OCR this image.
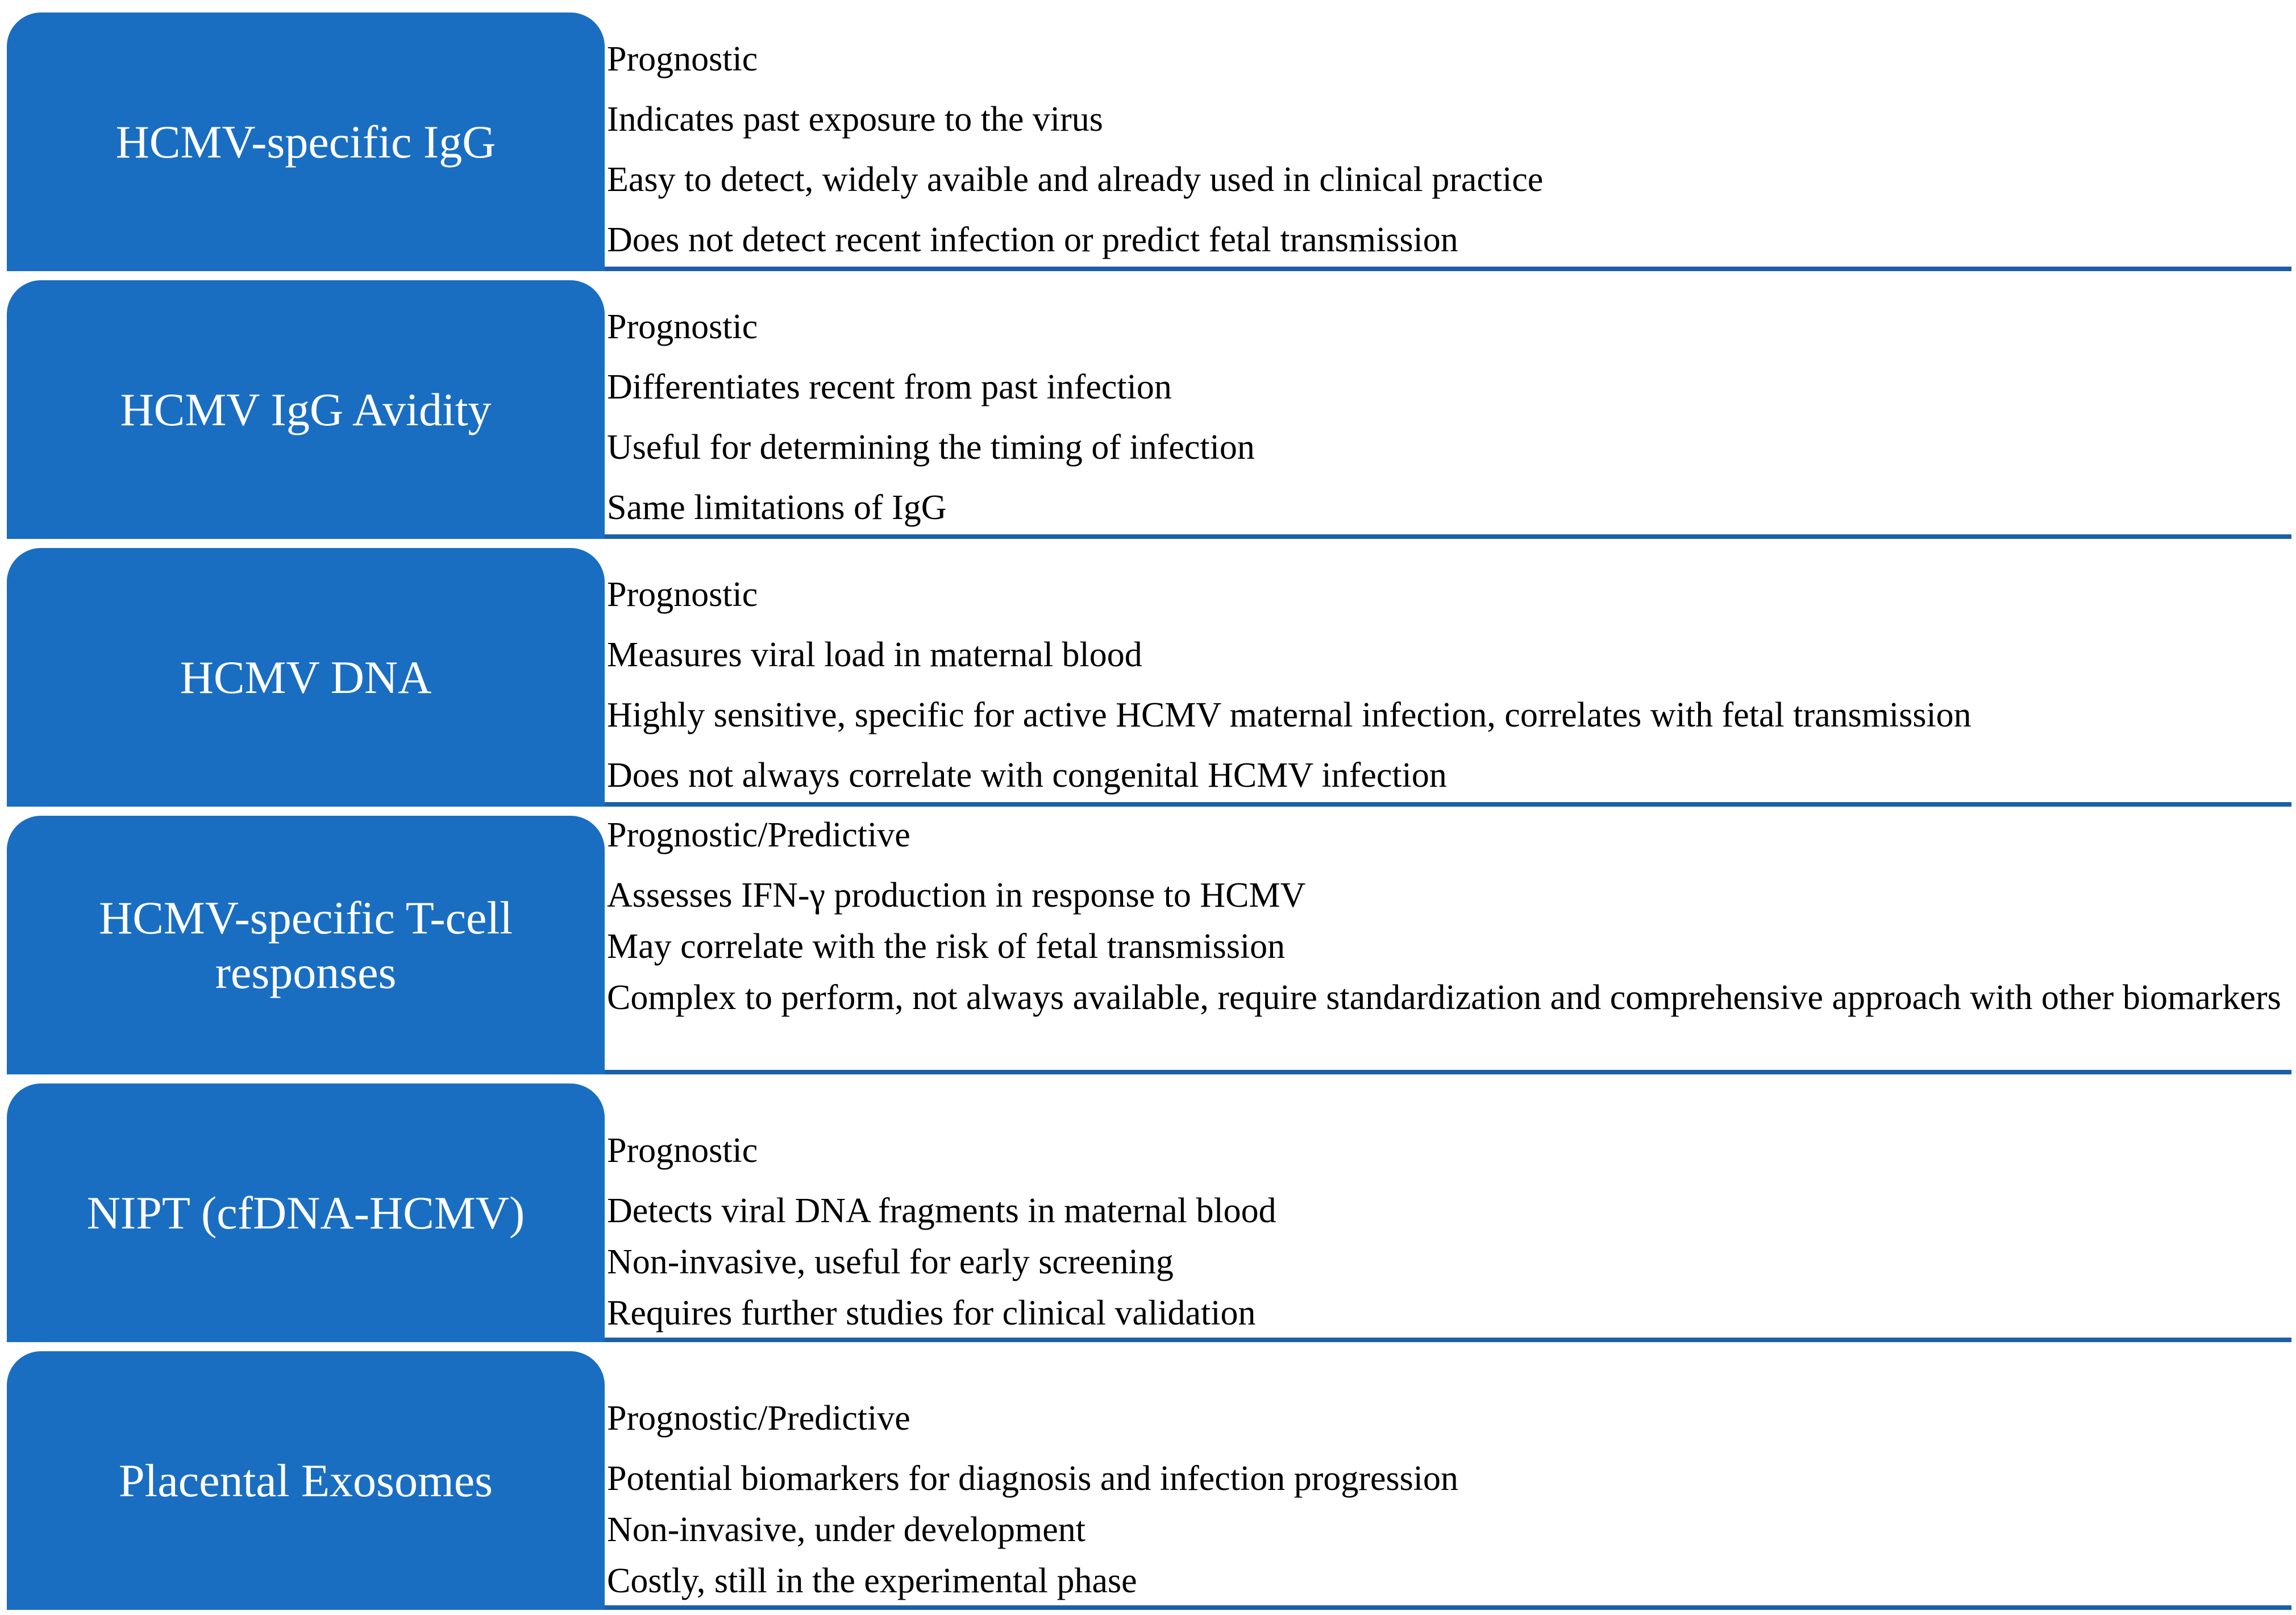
HCMV-specific IgG
Prognostic
Indicates past exposure to the virus
Easy to detect, widely avaible and already used in clinical practice
Does not detect recent infection or predict fetal transmission
HCMV IgG Avidity
Prognostic
Differentiates recent from past infection
Useful for determining the timing of infection
Same limitations of IgG
HCMV DNA
Prognostic
Measures viral load in maternal blood
Highly sensitive, specific for active HCMV maternal infection, correlates with fetal transmission
Does not always correlate with congenital HCMV infection
HCMV-specific T-cell responses
Prognostic/Predictive
Assesses IFN-γ production in response to HCMV
May correlate with the risk of fetal transmission
Complex to perform, not always available, require standardization and comprehensive approach with other biomarkers
NIPT (cfDNA-HCMV)
Prognostic
Detects viral DNA fragments in maternal blood
Non-invasive, useful for early screening
Requires further studies for clinical validation
Placental Exosomes
Prognostic/Predictive
Potential biomarkers for diagnosis and infection progression
Non-invasive, under development
Costly, still in the experimental phase
